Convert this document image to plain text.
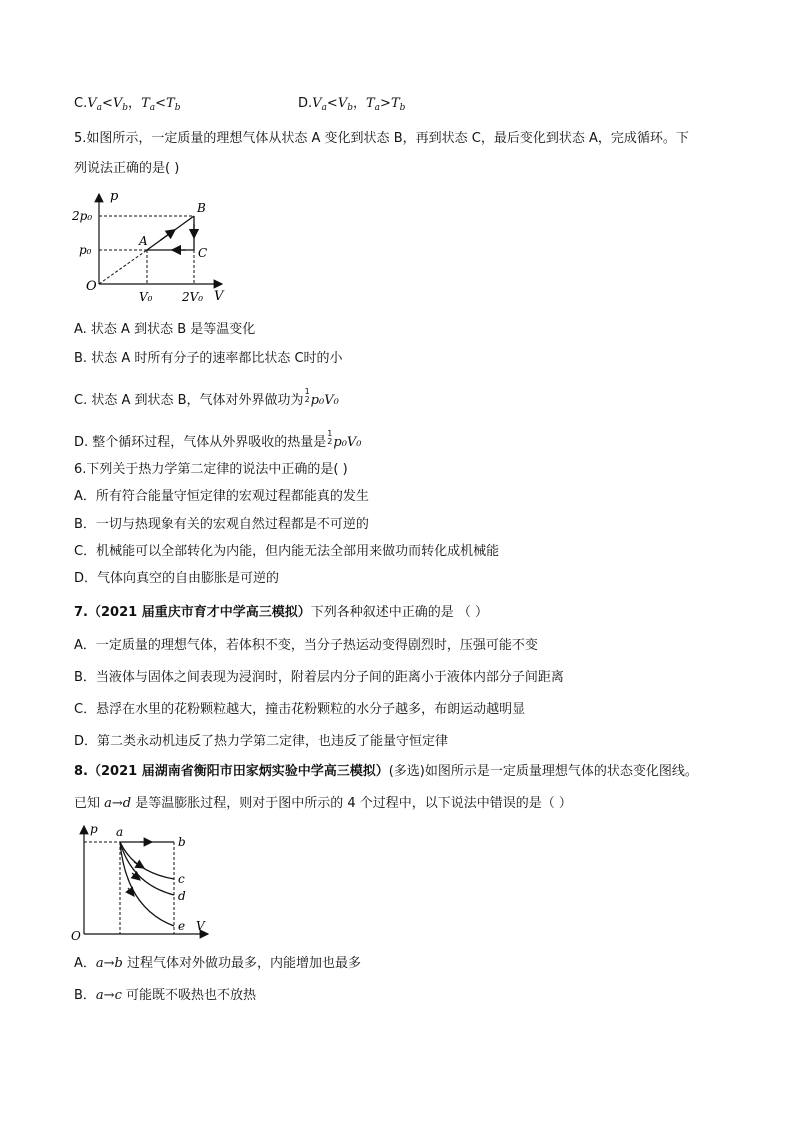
$C.V_a<V_b$，$T_a<T_b$	$D.V_a<V_b$，$T_a>T_b$
5.如图所示，一定质量的理想气体从状态 A 变化到状态 B，再到状态 C，最后变化到状态 A，完成循环。下
列说法正确的是( )
p
V
O
2p₀
p₀
V₀ 2V₀
A
B
C
A. 状态 A 到状态 B 是等温变化
B. 状态 A 时所有分子的速率都比状态 C时的小
C. 状态 A 到状态 B，气体对外界做功为
1
2 p₀V₀
D. 整个循环过程，气体从外界吸收的热量是
1
2 p₀V₀
6.下列关于热力学第二定律的说法中正确的是( )
A．所有符合能量守恒定律的宏观过程都能真的发生
B．一切与热现象有关的宏观自然过程都是不可逆的
C．机械能可以全部转化为内能，但内能无法全部用来做功而转化成机械能
D．气体向真空的自由膨胀是可逆的
7.（2021 届重庆市育才中学高三模拟）下列各种叙述中正确的是 （ ）
A．一定质量的理想气体，若体积不变，当分子热运动变得剧烈时，压强可能不变
B．当液体与固体之间表现为浸润时，附着层内分子间的距离小于液体内部分子间距离
C．悬浮在水里的花粉颗粒越大，撞击花粉颗粒的水分子越多，布朗运动越明显
D．第二类永动机违反了热力学第二定律，也违反了能量守恒定律
8.（2021 届湖南省衡阳市田家炳实验中学高三模拟）(多选)如图所示是一定质量理想气体的状态变化图线。
已知 a→d 是等温膨胀过程，则对于图中所示的 4 个过程中，以下说法中错误的是（ ）
p
V
O
a
b
c
d
e
A．a→b 过程气体对外做功最多，内能增加也最多
B．a→c 可能既不吸热也不放热
